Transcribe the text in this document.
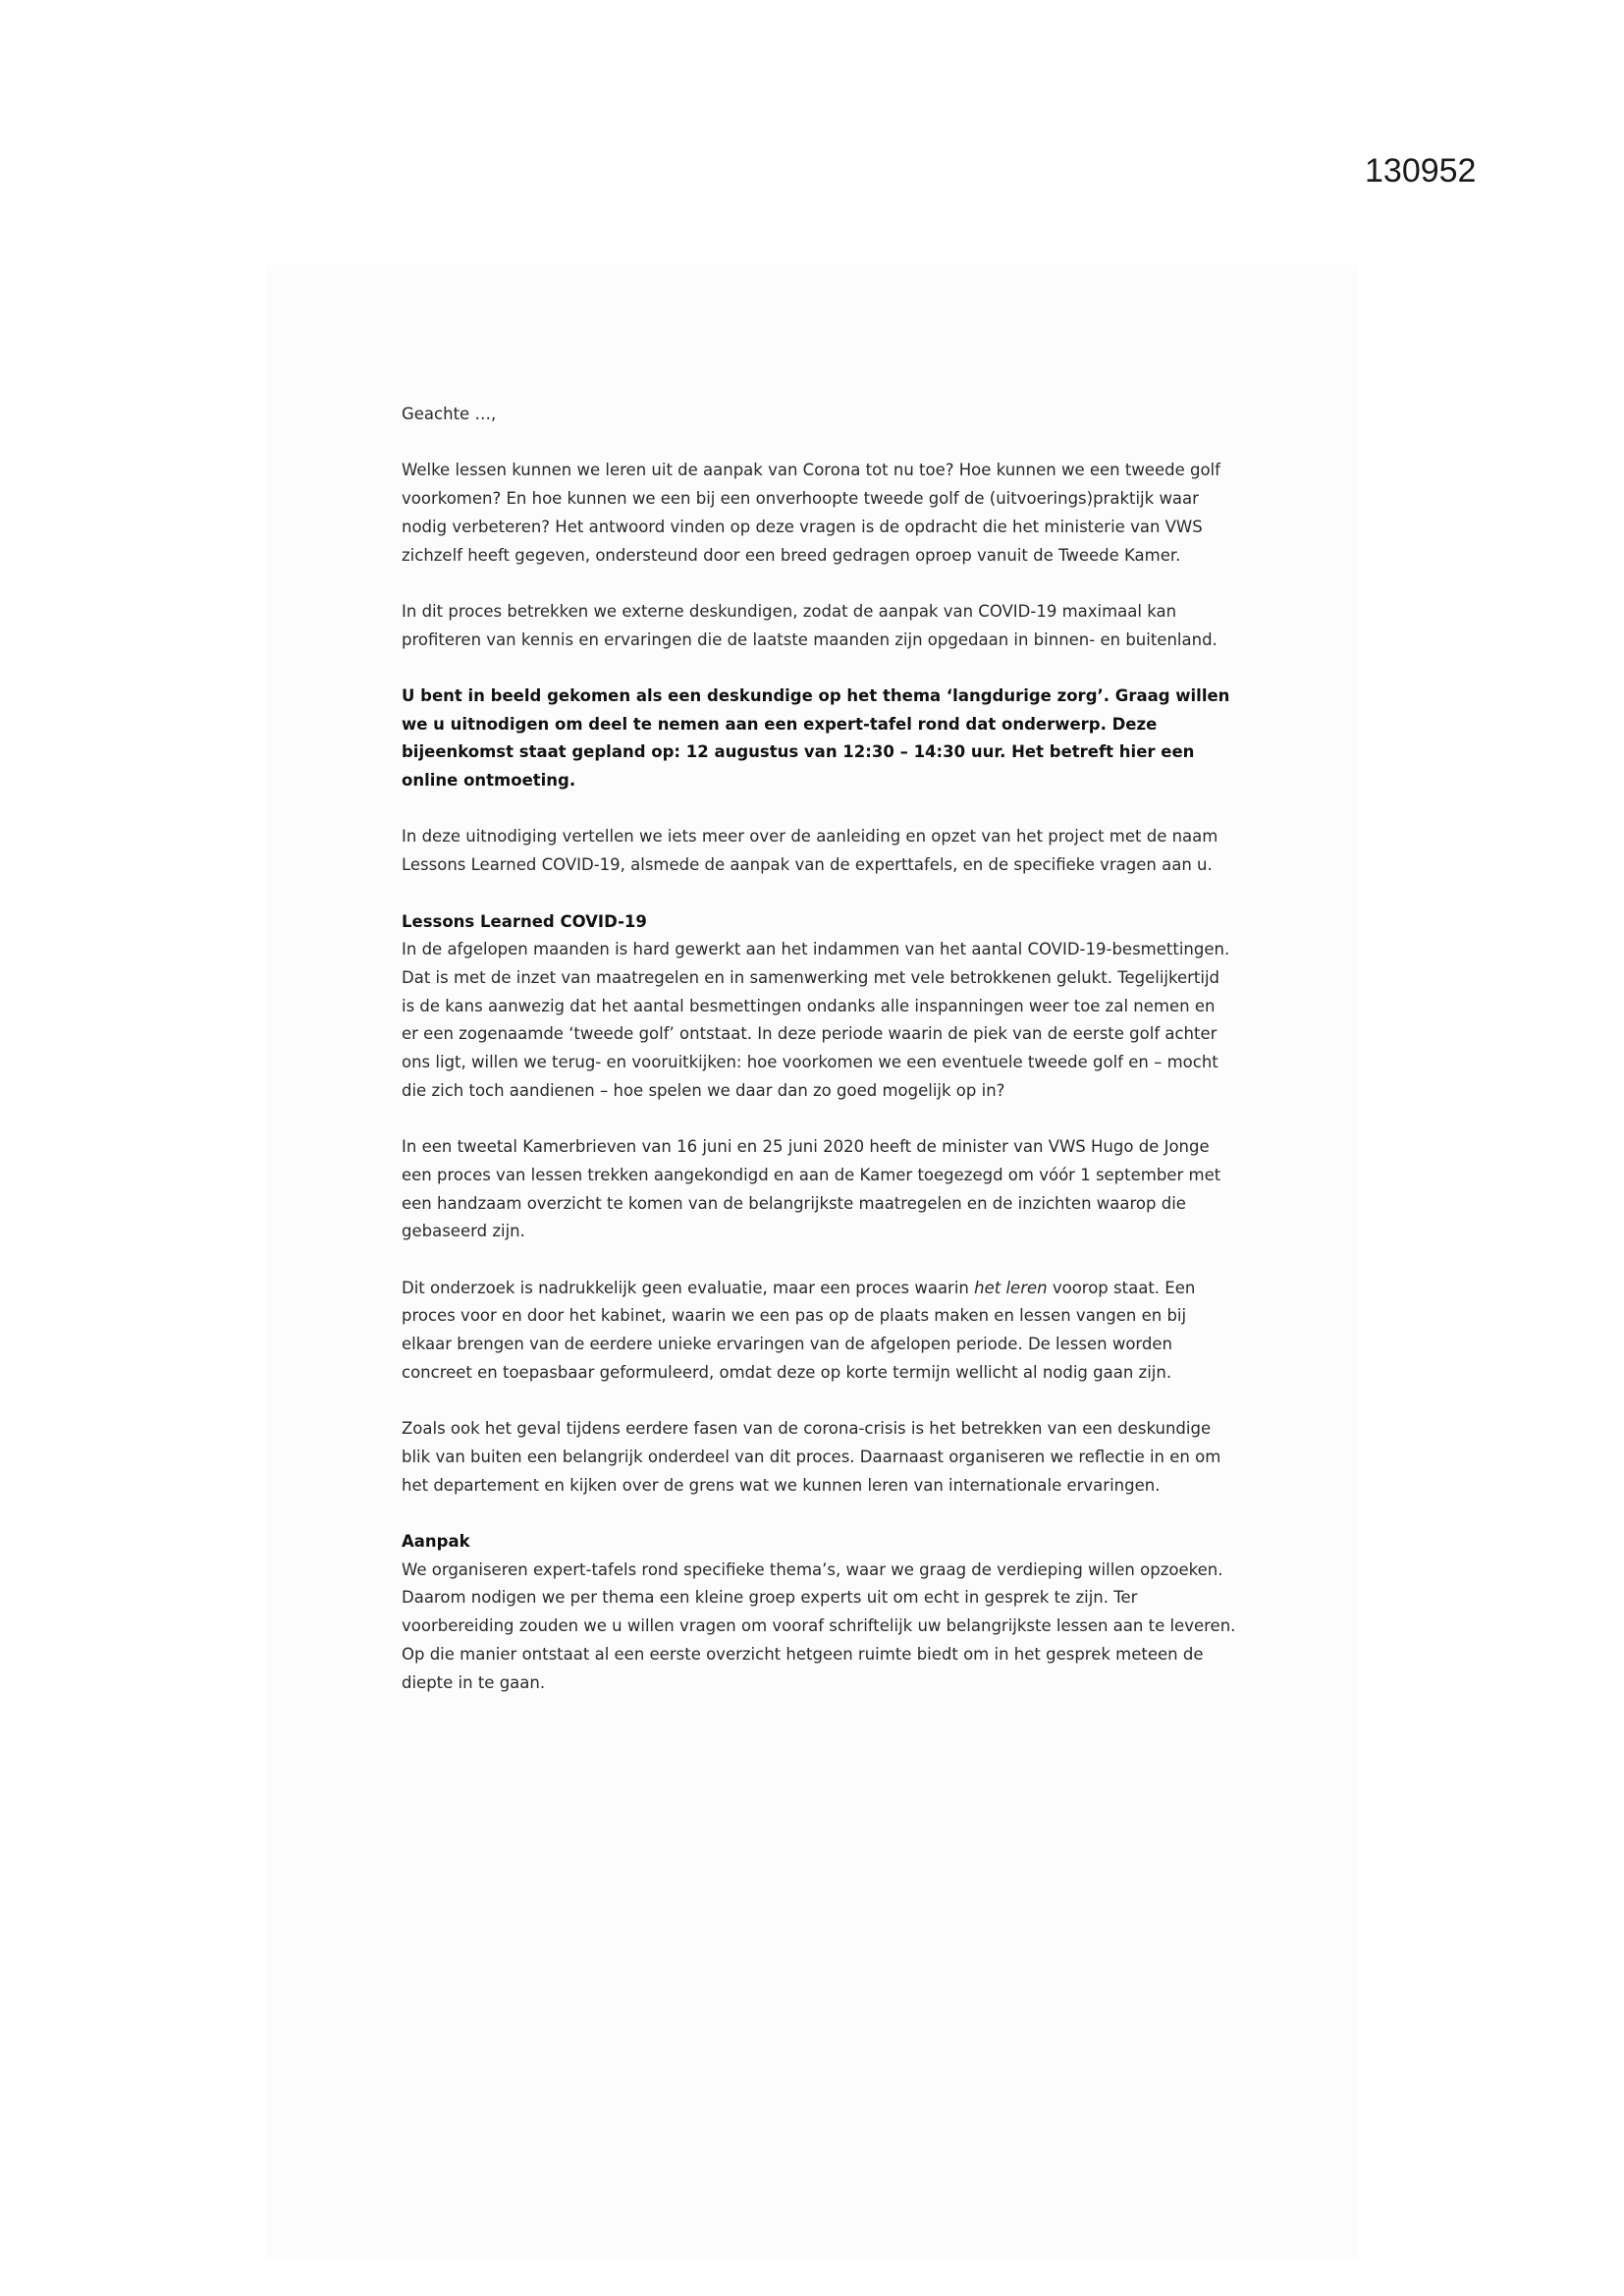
130952

Geachte …,

Welke lessen kunnen we leren uit de aanpak van Corona tot nu toe? Hoe kunnen we een tweede golf voorkomen? En hoe kunnen we een bij een onverhoopte tweede golf de (uitvoerings)praktijk waar nodig verbeteren? Het antwoord vinden op deze vragen is de opdracht die het ministerie van VWS zichzelf heeft gegeven, ondersteund door een breed gedragen oproep vanuit de Tweede Kamer.

In dit proces betrekken we externe deskundigen, zodat de aanpak van COVID-19 maximaal kan profiteren van kennis en ervaringen die de laatste maanden zijn opgedaan in binnen- en buitenland.

U bent in beeld gekomen als een deskundige op het thema ‘langdurige zorg’. Graag willen we u uitnodigen om deel te nemen aan een expert-tafel rond dat onderwerp. Deze bijeenkomst staat gepland op: 12 augustus van 12:30 – 14:30 uur. Het betreft hier een online ontmoeting.

In deze uitnodiging vertellen we iets meer over de aanleiding en opzet van het project met de naam Lessons Learned COVID-19, alsmede de aanpak van de experttafels, en de specifieke vragen aan u.

Lessons Learned COVID-19
In de afgelopen maanden is hard gewerkt aan het indammen van het aantal COVID-19-besmettingen. Dat is met de inzet van maatregelen en in samenwerking met vele betrokkenen gelukt. Tegelijkertijd is de kans aanwezig dat het aantal besmettingen ondanks alle inspanningen weer toe zal nemen en er een zogenaamde ‘tweede golf’ ontstaat. In deze periode waarin de piek van de eerste golf achter ons ligt, willen we terug- en vooruitkijken: hoe voorkomen we een eventuele tweede golf en – mocht die zich toch aandienen – hoe spelen we daar dan zo goed mogelijk op in?

In een tweetal Kamerbrieven van 16 juni en 25 juni 2020 heeft de minister van VWS Hugo de Jonge een proces van lessen trekken aangekondigd en aan de Kamer toegezegd om vóór 1 september met een handzaam overzicht te komen van de belangrijkste maatregelen en de inzichten waarop die gebaseerd zijn.

Dit onderzoek is nadrukkelijk geen evaluatie, maar een proces waarin het leren voorop staat. Een proces voor en door het kabinet, waarin we een pas op de plaats maken en lessen vangen en bij elkaar brengen van de eerdere unieke ervaringen van de afgelopen periode. De lessen worden concreet en toepasbaar geformuleerd, omdat deze op korte termijn wellicht al nodig gaan zijn.

Zoals ook het geval tijdens eerdere fasen van de corona-crisis is het betrekken van een deskundige blik van buiten een belangrijk onderdeel van dit proces. Daarnaast organiseren we reflectie in en om het departement en kijken over de grens wat we kunnen leren van internationale ervaringen.

Aanpak
We organiseren expert-tafels rond specifieke thema’s, waar we graag de verdieping willen opzoeken. Daarom nodigen we per thema een kleine groep experts uit om echt in gesprek te zijn. Ter voorbereiding zouden we u willen vragen om vooraf schriftelijk uw belangrijkste lessen aan te leveren. Op die manier ontstaat al een eerste overzicht hetgeen ruimte biedt om in het gesprek meteen de diepte in te gaan.
